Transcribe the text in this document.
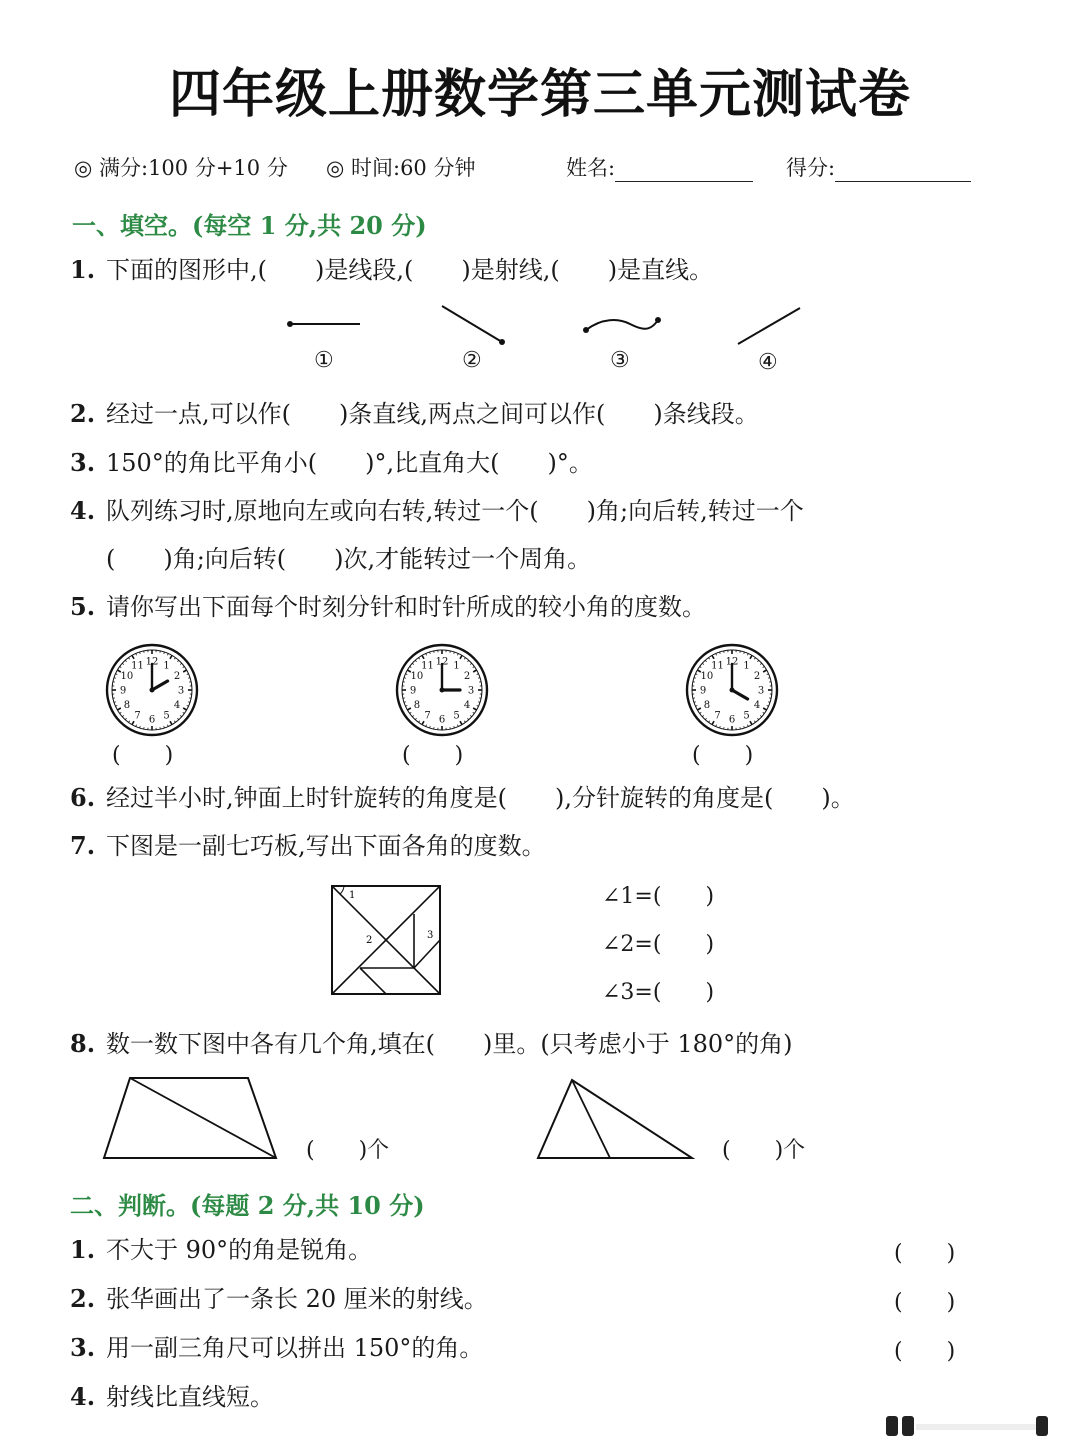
四年级上册数学第三单元测试卷
◎ 满分:100 分+10 分 ◎ 时间:60 分钟	姓名:	得分:
一、填空。(每空 1 分,共 20 分)
1. 下面的图形中,(　　)是线段,(　　)是射线,(　　)是直线。
①	②	③	④
2. 经过一点,可以作(　　)条直线,两点之间可以作(　　)条线段。
3. 150°的角比平角小(　　)°,比直角大(　　)°。
4. 队列练习时,原地向左或向右转,转过一个(　　)角;向后转,转过一个
(　　)角;向后转(　　)次,才能转过一个周角。
5. 请你写出下面每个时刻分针和时针所成的较小角的度数。
12 1
2
3
4
5
6
7
8
9
10
11	12 1
2
3
4
5
6
7
8
9
10
11	12 1
2
3
4
5
6
7
8
9
10
11
(　　)	(　　)	(　　)
6. 经过半小时,钟面上时针旋转的角度是(　　),分针旋转的角度是(　　)。
7. 下图是一副七巧板,写出下面各角的度数。
1
2	3
∠1=(　　)
∠2=(　　)
∠3=(　　)
8. 数一数下图中各有几个角,填在(　　)里。(只考虑小于 180°的角)
(　　)个	(　　)个
二、判断。(每题 2 分,共 10 分)
1. 不大于 90°的角是锐角。	(　　)
2. 张华画出了一条长 20 厘米的射线。	(　　)
3. 用一副三角尺可以拼出 150°的角。	(　　)
4. 射线比直线短。
